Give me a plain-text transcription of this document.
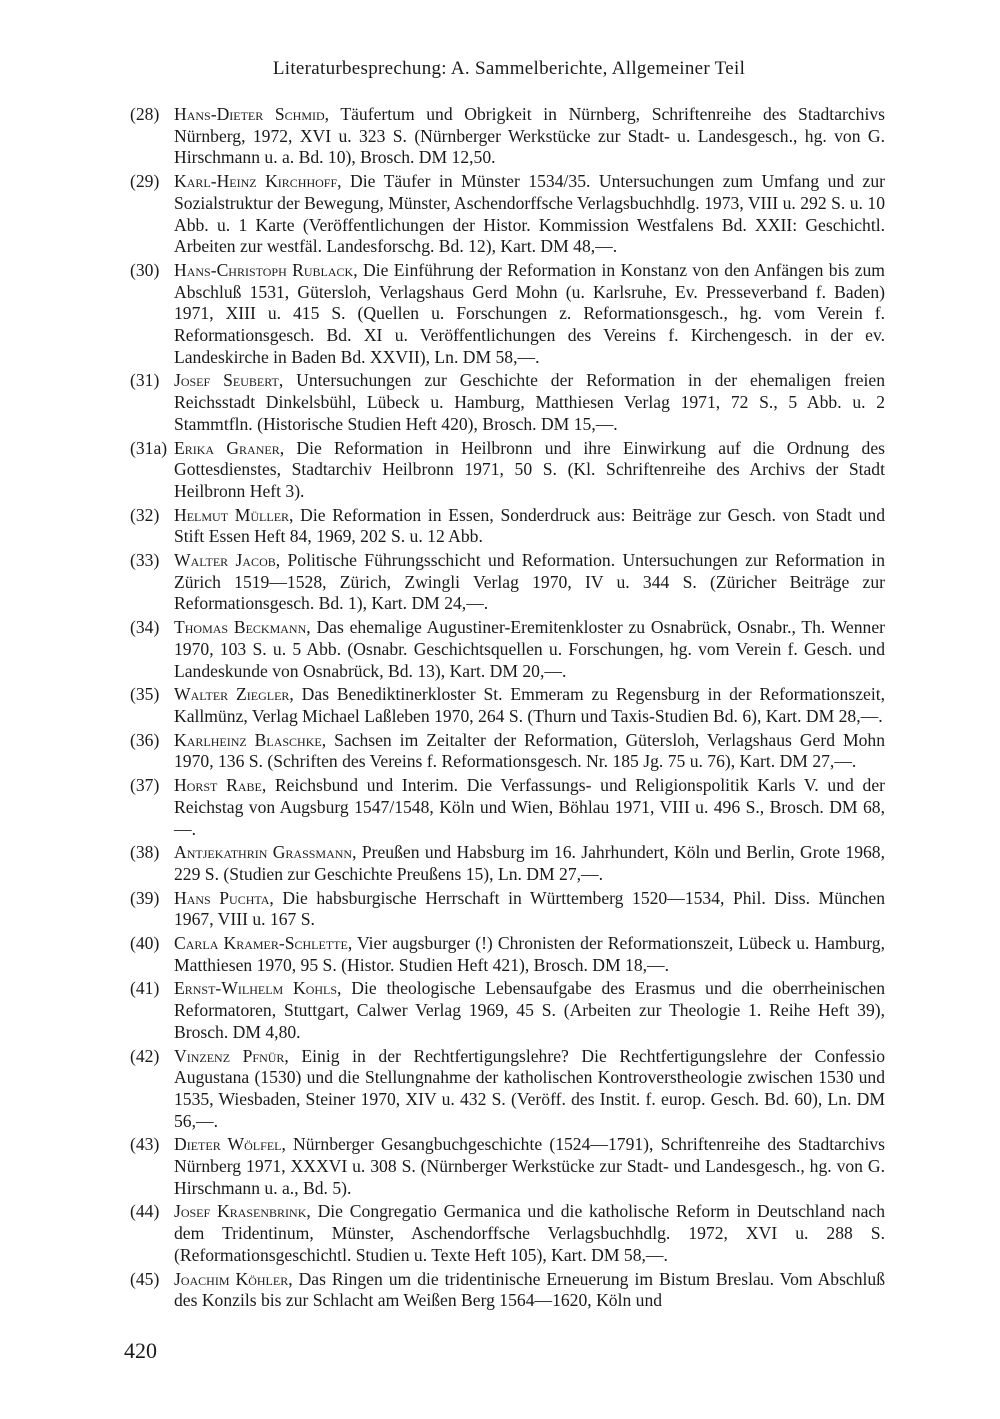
Literaturbesprechung: A. Sammelberichte, Allgemeiner Teil
(28) Hans-Dieter Schmid, Täufertum und Obrigkeit in Nürnberg, Schriftenreihe des Stadtarchivs Nürnberg, 1972, XVI u. 323 S. (Nürnberger Werkstücke zur Stadt- u. Landesgesch., hg. von G. Hirschmann u. a. Bd. 10), Brosch. DM 12,50.
(29) Karl-Heinz Kirchhoff, Die Täufer in Münster 1534/35. Untersuchungen zum Umfang und zur Sozialstruktur der Bewegung, Münster, Aschendorffsche Verlagsbuchhdlg. 1973, VIII u. 292 S. u. 10 Abb. u. 1 Karte (Veröffentlichungen der Histor. Kommission Westfalens Bd. XXII: Geschichtl. Arbeiten zur westfäl. Landesforschg. Bd. 12), Kart. DM 48,—.
(30) Hans-Christoph Rublack, Die Einführung der Reformation in Konstanz von den Anfängen bis zum Abschluß 1531, Gütersloh, Verlagshaus Gerd Mohn (u. Karlsruhe, Ev. Presseverband f. Baden) 1971, XIII u. 415 S. (Quellen u. Forschungen z. Reformationsgesch., hg. vom Verein f. Reformationsgesch. Bd. XI u. Veröffentlichungen des Vereins f. Kirchengesch. in der ev. Landeskirche in Baden Bd. XXVII), Ln. DM 58,—.
(31) Josef Seubert, Untersuchungen zur Geschichte der Reformation in der ehemaligen freien Reichsstadt Dinkelsbühl, Lübeck u. Hamburg, Matthiesen Verlag 1971, 72 S., 5 Abb. u. 2 Stammtfln. (Historische Studien Heft 420), Brosch. DM 15,—.
(31a) Erika Graner, Die Reformation in Heilbronn und ihre Einwirkung auf die Ordnung des Gottesdienstes, Stadtarchiv Heilbronn 1971, 50 S. (Kl. Schriftenreihe des Archivs der Stadt Heilbronn Heft 3).
(32) Helmut Müller, Die Reformation in Essen, Sonderdruck aus: Beiträge zur Gesch. von Stadt und Stift Essen Heft 84, 1969, 202 S. u. 12 Abb.
(33) Walter Jacob, Politische Führungsschicht und Reformation. Untersuchungen zur Reformation in Zürich 1519—1528, Zürich, Zwingli Verlag 1970, IV u. 344 S. (Züricher Beiträge zur Reformationsgesch. Bd. 1), Kart. DM 24,—.
(34) Thomas Beckmann, Das ehemalige Augustiner-Eremitenkloster zu Osnabrück, Osnabr., Th. Wenner 1970, 103 S. u. 5 Abb. (Osnabr. Geschichtsquellen u. Forschungen, hg. vom Verein f. Gesch. und Landeskunde von Osnabrück, Bd. 13), Kart. DM 20,—.
(35) Walter Ziegler, Das Benediktinerkloster St. Emmeram zu Regensburg in der Reformationszeit, Kallmünz, Verlag Michael Laßleben 1970, 264 S. (Thurn und Taxis-Studien Bd. 6), Kart. DM 28,—.
(36) Karlheinz Blaschke, Sachsen im Zeitalter der Reformation, Gütersloh, Verlagshaus Gerd Mohn 1970, 136 S. (Schriften des Vereins f. Reformationsgesch. Nr. 185 Jg. 75 u. 76), Kart. DM 27,—.
(37) Horst Rabe, Reichsbund und Interim. Die Verfassungs- und Religionspolitik Karls V. und der Reichstag von Augsburg 1547/1548, Köln und Wien, Böhlau 1971, VIII u. 496 S., Brosch. DM 68,—.
(38) Antjekathrin Grassmann, Preußen und Habsburg im 16. Jahrhundert, Köln und Berlin, Grote 1968, 229 S. (Studien zur Geschichte Preußens 15), Ln. DM 27,—.
(39) Hans Puchta, Die habsburgische Herrschaft in Württemberg 1520—1534, Phil. Diss. München 1967, VIII u. 167 S.
(40) Carla Kramer-Schlette, Vier augsburger (!) Chronisten der Reformationszeit, Lübeck u. Hamburg, Matthiesen 1970, 95 S. (Histor. Studien Heft 421), Brosch. DM 18,—.
(41) Ernst-Wilhelm Kohls, Die theologische Lebensaufgabe des Erasmus und die oberrheinischen Reformatoren, Stuttgart, Calwer Verlag 1969, 45 S. (Arbeiten zur Theologie 1. Reihe Heft 39), Brosch. DM 4,80.
(42) Vinzenz Pfnür, Einig in der Rechtfertigungslehre? Die Rechtfertigungslehre der Confessio Augustana (1530) und die Stellungnahme der katholischen Kontroverstheologie zwischen 1530 und 1535, Wiesbaden, Steiner 1970, XIV u. 432 S. (Veröff. des Instit. f. europ. Gesch. Bd. 60), Ln. DM 56,—.
(43) Dieter Wölfel, Nürnberger Gesangbuchgeschichte (1524—1791), Schriftenreihe des Stadtarchivs Nürnberg 1971, XXXVI u. 308 S. (Nürnberger Werkstücke zur Stadt- und Landesgesch., hg. von G. Hirschmann u. a., Bd. 5).
(44) Josef Krasenbrink, Die Congregatio Germanica und die katholische Reform in Deutschland nach dem Tridentinum, Münster, Aschendorffsche Verlagsbuchhdlg. 1972, XVI u. 288 S. (Reformationsgeschichtl. Studien u. Texte Heft 105), Kart. DM 58,—.
(45) Joachim Köhler, Das Ringen um die tridentinische Erneuerung im Bistum Breslau. Vom Abschluß des Konzils bis zur Schlacht am Weißen Berg 1564—1620, Köln und
420
